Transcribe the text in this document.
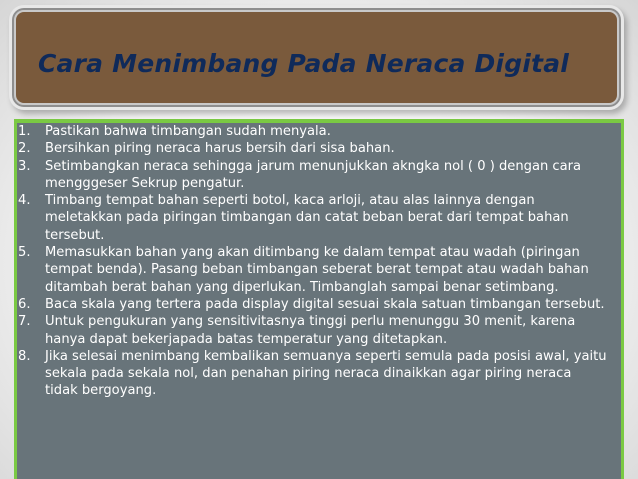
Cara Menimbang Pada Neraca Digital
1. Pastikan bahwa timbangan sudah menyala.
2. Bersihkan piring neraca harus bersih dari sisa bahan.
3. Setimbangkan neraca sehingga jarum menunjukkan akngka nol ( 0 ) dengan cara mengggeser Sekrup pengatur.
4. Timbang tempat bahan seperti botol, kaca arloji, atau alas lainnya dengan meletakkan pada piringan timbangan dan catat beban berat dari tempat bahan tersebut.
5. Memasukkan bahan yang akan ditimbang ke dalam tempat atau wadah (piringan tempat benda). Pasang beban timbangan seberat berat tempat atau wadah bahan ditambah berat bahan yang diperlukan. Timbanglah sampai benar setimbang.
6. Baca skala yang tertera pada display digital sesuai skala satuan timbangan tersebut.
7. Untuk pengukuran yang sensitivitasnya tinggi perlu menunggu 30 menit, karena hanya dapat bekerjapada batas temperatur yang ditetapkan.
8. Jika selesai menimbang kembalikan semuanya seperti semula pada posisi awal, yaitu sekala pada sekala nol, dan penahan piring neraca dinaikkan agar piring neraca tidak bergoyang.
